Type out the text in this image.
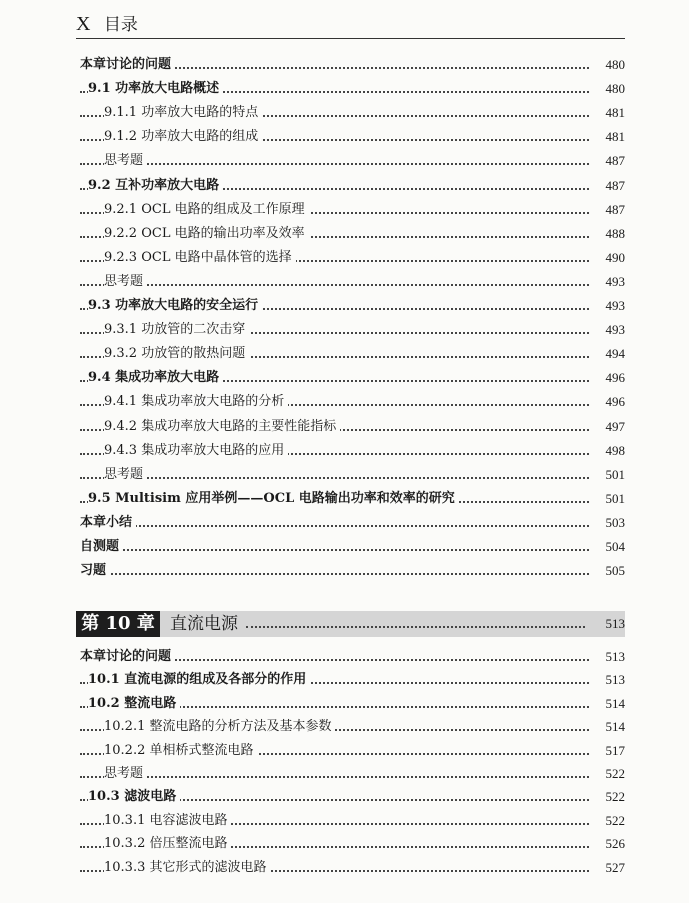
X 目录
本章讨论的问题	480
9.1 功率放大电路概述	480
9.1.1 功率放大电路的特点	481
9.1.2 功率放大电路的组成	481
思考题	487
9.2 互补功率放大电路	487
9.2.1 OCL 电路的组成及工作原理	487
9.2.2 OCL 电路的输出功率及效率	488
9.2.3 OCL 电路中晶体管的选择	490
思考题	493
9.3 功率放大电路的安全运行	493
9.3.1 功放管的二次击穿	493
9.3.2 功放管的散热问题	494
9.4 集成功率放大电路	496
9.4.1 集成功率放大电路的分析	496
9.4.2 集成功率放大电路的主要性能指标	497
9.4.3 集成功率放大电路的应用	498
思考题	501
9.5 Multisim 应用举例——OCL 电路输出功率和效率的研究	501
本章小结	503
自测题	504
习题	505
第 10 章 直流电源	513
本章讨论的问题	513
10.1 直流电源的组成及各部分的作用	513
10.2 整流电路	514
10.2.1 整流电路的分析方法及基本参数	514
10.2.2 单相桥式整流电路	517
思考题	522
10.3 滤波电路	522
10.3.1 电容滤波电路	522
10.3.2 倍压整流电路	526
10.3.3 其它形式的滤波电路	527
